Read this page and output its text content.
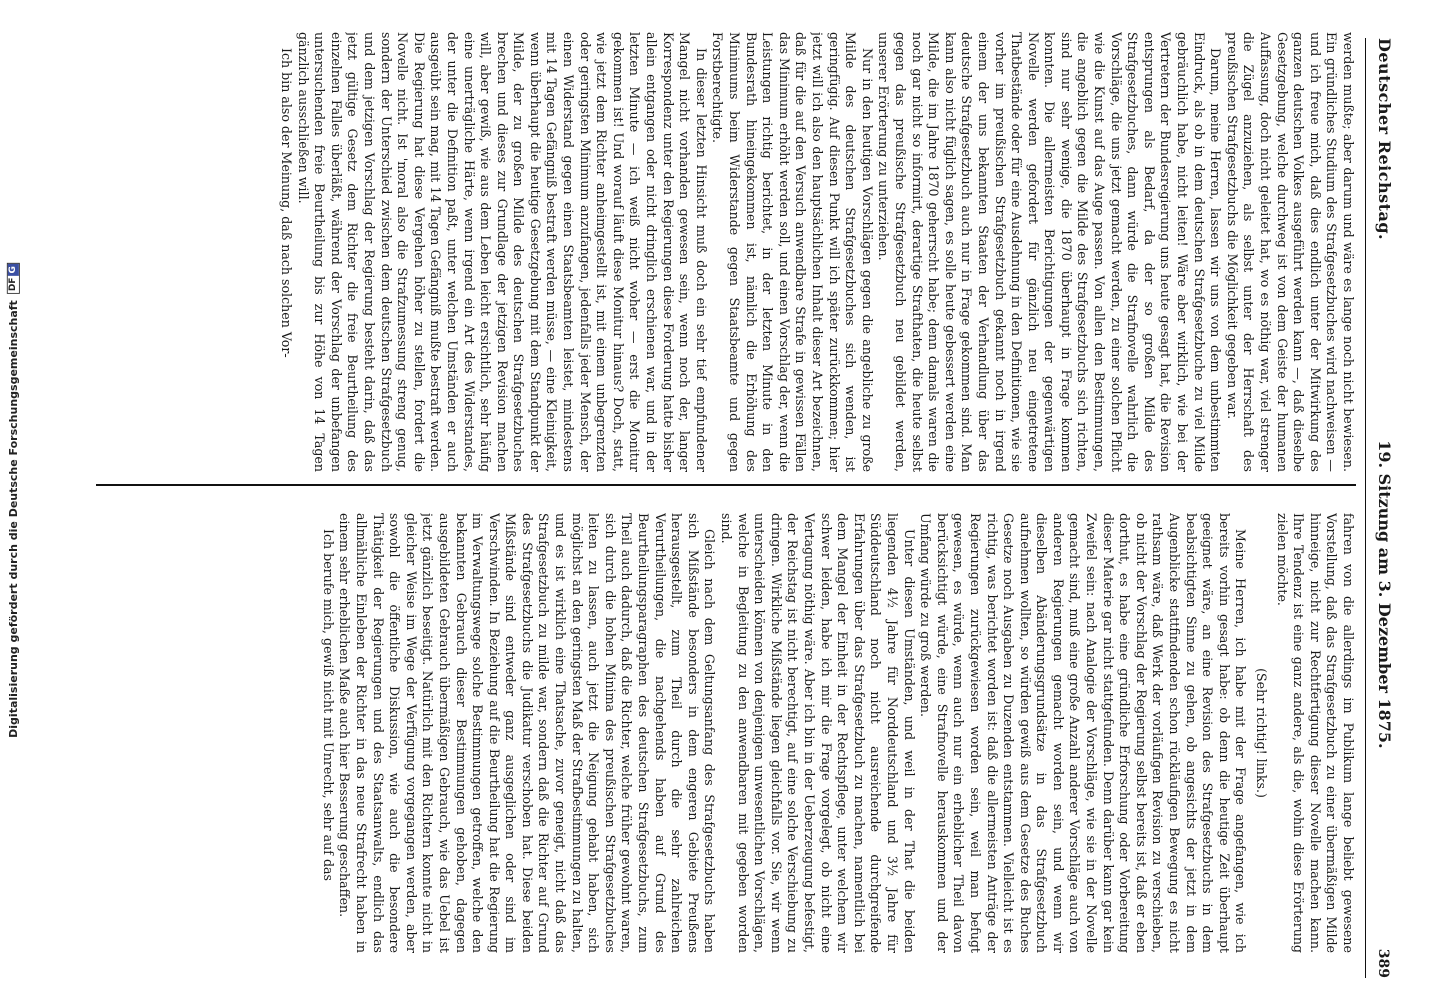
Digitalisierung gefördert durch die Deutsche Forschungsgemeinschaft
DF
G
Deutscher Reichstag.
19. Sitzung am 3. Dezember 1875.
389

werden mußte; aber darum und wäre es lange noch nicht bewiesen. Ein gründliches Studium des Strafgesetzbuches wird nachweisen — und ich freue mich, daß dies endlich unter der Mitwirkung des ganzen deutschen Volkes ausgeführt werden kann —, daß dieselbe Gesetzgebung, welche durchweg ist von dem Geiste der humanen Auffassung, doch nicht geleitet hat, wo es nöthig war, viel strenger die Zügel anzuziehen, als selbst unter der Herrschaft des preußischen Strafgesetzbuchs die Möglichkeit gegeben war.

Darum, meine Herren, lassen wir uns von dem unbestimmten Eindruck, als ob in dem deutschen Strafgesetzbuche zu viel Milde gebräuchlich habe, nicht leiten! Wäre aber wirklich, wie bei der Vertretern der Bundesregierung uns heute gesagt hat, die Revision entsprungen als Bedarf, da der so großen Milde des Strafgesetzbuches, dann würde die Strafnovelle wahrlich die Vorschläge, die uns jetzt gemacht werden, zu einer solchen Pflicht wie die Kunst auf das Auge passen. Von allen den Bestimmungen, die angeblich gegen die Milde des Strafgesetzbuchs sich richten, sind nur sehr wenige, die 1870 überhaupt in Frage kommen konnten. Die allermeisten Berichtigungen der gegenwärtigen Novelle werden gefordert für gänzlich neu eingetretene Thatbestände oder für eine Ausdehnung in den Definitionen, wie sie vorher im preußischen Strafgesetzbuch gekannt noch in irgend einem der uns bekannten Staaten der Verhandlung über das deutsche Strafgesetzbuch auch nur in Frage gekommen sind. Man kann also nicht füglich sagen, es solle heute gebessert werden eine Milde, die im Jahre 1870 geherrscht habe; denn damals waren die noch gar nicht so informirt, derartige Strafthaten, die heute selbst gegen das preußische Strafgesetzbuch neu gebildet werden, unserer Erörterung zu unterziehen.

Nur in den heutigen Vorschlägen gegen die angebliche zu große Milde des deutschen Strafgesetzbuches sich wenden, ist geringfügig. Auf diesen Punkt will ich später zurückkommen; hier jetzt will ich also den hauptsächlichen Inhalt dieser Art bezeichnen, daß für die auf den Versuch anwendbare Strafe in gewissen Fällen das Minimum erhöht werden soll, und einen Vorschlag der, wenn die Leistungen richtig berichtet, in der letzten Minute in den Bundesrath hineingekommen ist, nämlich die Erhöhung des Minimums beim Widerstande gegen Staatsbeamte und gegen Forstberechtigte.

In dieser letzten Hinsicht muß doch ein sehr tief empfundener Mangel nicht vorhanden gewesen sein, wenn noch der, langer Korrespondenz unter den Regierungen diese Forderung hatte bisher allein entgangen oder nicht dringlich erschienen war, und in der letzten Minute — ich weiß nicht woher — erst die Monitur gekommen ist! Und worauf läuft diese Monitur hinaus? Doch, statt, wie jetzt dem Richter anheimgestellt ist, mit einem unbegrenzten oder geringsten Minimum anzufangen, jedenfalls jeder Mensch, der einen Widerstand gegen einen Staatsbeamten leistet, mindestens mit 14 Tagen Gefängniß bestraft werden müsse, — eine Kleinigkeit, wenn überhaupt die heutige Gesetzgebung mit dem Standpunkt der Milde, der zu großen Milde des deutschen Strafgesetzbuches brechen und dieses zur Grundlage der jetzigen Revision machen will, aber gewiß, wie aus dem Leben leicht ersichtlich, sehr häufig eine unerträgliche Härte, wenn irgend ein Art des Widerstandes, der unter die Definition paßt, unter welchen Umständen er auch ausgeübt sein mag, mit 14 Tagen Gefängniß mußte bestraft werden. Die Regierung hat diese Vergehen höher zu stellen, fordert die Novelle nicht. Ist 'moral also die Strafzumessung streng genug, sondern der Unterschied zwischen dem deutschen Strafgesetzbuch und dem jetzigen Vorschlag der Regierung besteht darin, daß das jetzt gültige Gesetz dem Richter die freie Beurtheilung des einzelnen Falles überläßt, während der Vorschlag der unbefangen untersuchenden freie Beurtheilung bis zur Höhe von 14 Tagen gänzlich ausschließen will.

Ich bin also der Meinung, daß nach solchen Vor-

fahren von die allerdings im Publikum lange beliebt gewesene Vorstellung, daß das Strafgesetzbuch zu einer übermäßigen Milde hinneige, nicht zur Rechtfertigung dieser Novelle machen kann. Ihre Tendenz ist eine ganz andere, als die, wohin diese Erörterung zielen möchte.

(Sehr richtig! links.)

Meine Herren, ich habe mit der Frage angefangen, wie ich bereits vorhin gesagt habe: ob denn die heutige Zeit überhaupt geeignet wäre, an eine Revision des Strafgesetzbuchs in dem beabsichtigten Sinne zu gehen, ob angesichts der jetzt in dem Augenblicke stattfindenden schon rückläufigen Bewegung es nicht rathsam wäre, daß Werk der vorläufigen Revision zu verschieben, ob nicht der Vorschlag der Regierung selbst bereits ist, daß er eben dorthut, es habe eine gründliche Erforschung oder Vorbereitung dieser Materie gar nicht stattgefunden. Denn darüber kann gar kein Zweifel sein: nach Analogie der Vorschläge, wie sie in der Novelle gemacht sind, muß eine große Anzahl anderer Vorschläge auch von anderen Regierungen gemacht worden sein, und wenn wir dieselben Abänderungsgrundsätze in das Strafgesetzbuch aufnehmen wollten, so würden gewiß aus dem Gesetze des Buches Gesetze noch Ausgaben zu Duzenden entstammen. Vielleicht ist es richtig, was berichtet worden ist: daß die allermeisten Anträge der Regierungen zurückgewiesen worden sein, weil man befugt gewesen, es würde, wenn auch nur ein erheblicher Theil davon berücksichtigt würde, eine Strafnovelle herauskommen und der Umfang würde zu groß werden.

Unter diesen Umständen, und weil in der That die beiden liegenden 4½ Jahre für Norddeutschland und 3½ Jahre für Süddeutschland noch nicht ausreichende durchgreifende Erfahrungen über das Strafgesetzbuch zu machen, namentlich bei dem Mangel der Einheit in der Rechtspflege, unter welchem wir schwer leiden, habe ich mir die Frage vorgelegt, ob nicht eine Vertagung nöthig wäre. Aber ich bin in der Ueberzeugung befestigt, der Reichstag ist nicht berechtigt, auf eine solche Verschiebung zu dringen. Wirkliche Mißstände liegen gleichfalls vor. Sie, wir wenn unterscheiden können von denjenigen unwesentlichen Vorschlägen, welche in Begleitung zu den anwendbaren mit gegeben worden sind.

Gleich nach dem Geltungsanfang des Strafgesetzbuchs haben sich Mißstände besonders in dem engeren Gebiete Preußens herausgestellt, zum Theil durch die sehr zahlreichen Verurtheilungen, die nachgehends haben auf Grund des Beurtheilungsparagraphen des deutschen Strafgesetzbuchs, zum Theil auch dadurch, daß die Richter, welche früher gewohnt waren, sich durch die hohen Minima des preußischen Strafgesetzbuches leiten zu lassen, auch jetzt die Neigung gehabt haben, sich möglichst an den geringsten Maß der Strafbestimmungen zu halten, und es ist wirklich eine Thatsache, zuvor geneigt, nicht daß das Strafgesetzbuch zu milde war, sondern daß die Richter auf Grund des Strafgesetzbuchs die Judikatur verschoben hat. Diese beiden Mißstände sind entweder ganz ausgeglichen oder sind im Verschwinden. In Beziehung auf die Beurtheilung hat die Regierung im Verwaltungswege solche Bestimmungen getroffen, welche den bekannten Gebrauch dieser Bestimmungen gehoben, dagegen ausgebildeten Gebrauch übermäßigen Gebrauch, wie das Uebel ist jetzt gänzlich beseitigt. Natürlich mit den Richtern konnte nicht in gleicher Weise im Wege der Verfügung vorgegangen werden, aber sowohl die öffentliche Diskussion, wie auch die besondere Thätigkeit der Regierungen und des Staatsanwalts, endlich das allmähliche Einleben der Richter in das neue Strafrecht haben in einem sehr erheblichen Maße auch hier Besserung geschaffen.

Ich berufe mich, gewiß nicht mit Unrecht, sehr auf das
